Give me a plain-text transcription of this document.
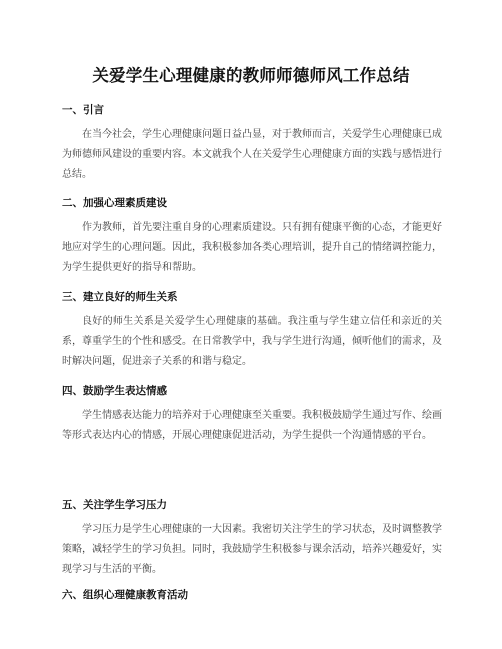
关爱学生心理健康的教师师德师风工作总结
一、引言
在当今社会，学生心理健康问题日益凸显，对于教师而言，关爱学生心理健康已成为师德师风建设的重要内容。本文就我个人在关爱学生心理健康方面的实践与感悟进行总结。
二、加强心理素质建设
作为教师，首先要注重自身的心理素质建设。只有拥有健康平衡的心态，才能更好地应对学生的心理问题。因此，我积极参加各类心理培训，提升自己的情绪调控能力，为学生提供更好的指导和帮助。
三、建立良好的师生关系
良好的师生关系是关爱学生心理健康的基础。我注重与学生建立信任和亲近的关系，尊重学生的个性和感受。在日常教学中，我与学生进行沟通，倾听他们的需求，及时解决问题，促进亲子关系的和谐与稳定。
四、鼓励学生表达情感
学生情感表达能力的培养对于心理健康至关重要。我积极鼓励学生通过写作、绘画等形式表达内心的情感，开展心理健康促进活动，为学生提供一个沟通情感的平台。
五、关注学生学习压力
学习压力是学生心理健康的一大因素。我密切关注学生的学习状态，及时调整教学策略，减轻学生的学习负担。同时，我鼓励学生积极参与课余活动，培养兴趣爱好，实现学习与生活的平衡。
六、组织心理健康教育活动
